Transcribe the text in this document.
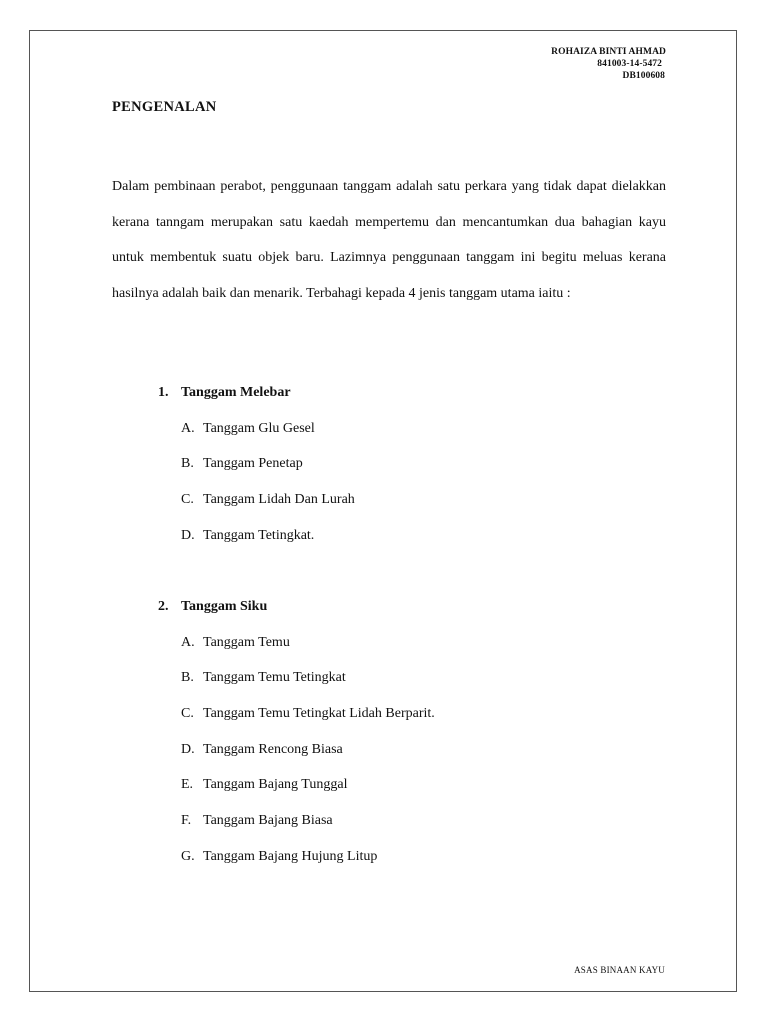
ROHAIZA BINTI AHMAD
841003-14-5472
DB100608
PENGENALAN

Dalam pembinaan perabot, penggunaan tanggam adalah satu perkara yang tidak dapat dielakkan kerana tanngam merupakan satu kaedah mempertemu dan mencantumkan dua bahagian kayu untuk membentuk suatu objek baru. Lazimnya penggunaan tanggam ini begitu meluas kerana hasilnya adalah baik dan menarik. Terbahagi kepada 4 jenis tanggam utama iaitu :

1. Tanggam Melebar
A. Tanggam Glu Gesel
B. Tanggam Penetap
C. Tanggam Lidah Dan Lurah
D. Tanggam Tetingkat.
2. Tanggam Siku
A. Tanggam Temu
B. Tanggam Temu Tetingkat
C. Tanggam Temu Tetingkat Lidah Berparit.
D. Tanggam Rencong Biasa
E. Tanggam Bajang Tunggal
F. Tanggam Bajang Biasa
G. Tanggam Bajang Hujung Litup
ASAS BINAAN KAYU
